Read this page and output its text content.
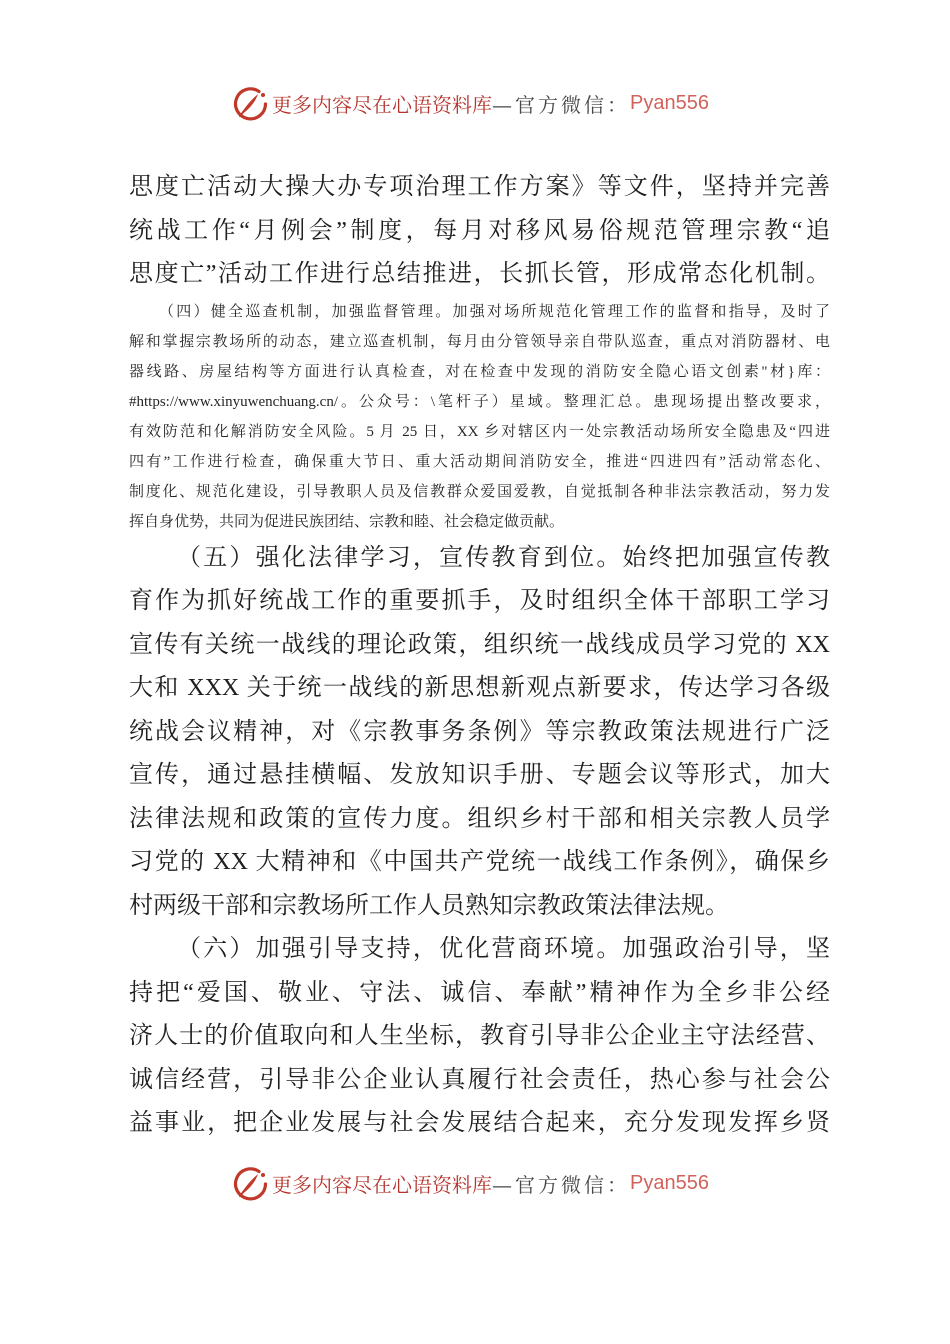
更多内容尽在心语资料库 —官方微信： Pyan556
思度亡活动大操大办专项治理工作方案》等文件，坚持并完善
统战工作“月例会”制度，每月对移风易俗规范管理宗教“追
思度亡”活动工作进行总结推进，长抓长管，形成常态化机制。
（四）健全巡查机制，加强监督管理。加强对场所规范化管理工作的监督和指导，及时了
解和掌握宗教场所的动态，建立巡查机制，每月由分管领导亲自带队巡查，重点对消防器材、电
器线路、房屋结构等方面进行认真检查，对在检查中发现的消防安全隐心语文创素"材}库：
#https://www.xinyuwenchuang.cn/。公众号：\笔杆子）星域。整理汇总。患现场提出整改要求，
有效防范和化解消防安全风险。5 月 25 日，XX 乡对辖区内一处宗教活动场所安全隐患及“四进
四有”工作进行检查，确保重大节日、重大活动期间消防安全，推进“四进四有”活动常态化、
制度化、规范化建设，引导教职人员及信教群众爱国爱教，自觉抵制各种非法宗教活动，努力发
挥自身优势，共同为促进民族团结、宗教和睦、社会稳定做贡献。
（五）强化法律学习，宣传教育到位。始终把加强宣传教
育作为抓好统战工作的重要抓手，及时组织全体干部职工学习
宣传有关统一战线的理论政策，组织统一战线成员学习党的 XX
大和 XXX 关于统一战线的新思想新观点新要求，传达学习各级
统战会议精神，对《宗教事务条例》等宗教政策法规进行广泛
宣传，通过悬挂横幅、发放知识手册、专题会议等形式，加大
法律法规和政策的宣传力度。组织乡村干部和相关宗教人员学
习党的 XX 大精神和《中国共产党统一战线工作条例》，确保乡
村两级干部和宗教场所工作人员熟知宗教政策法律法规。
（六）加强引导支持，优化营商环境。加强政治引导，坚
持把“爱国、敬业、守法、诚信、奉献”精神作为全乡非公经
济人士的价值取向和人生坐标，教育引导非公企业主守法经营、
诚信经营，引导非公企业认真履行社会责任，热心参与社会公
益事业，把企业发展与社会发展结合起来，充分发现发挥乡贤
更多内容尽在心语资料库 —官方微信： Pyan556
